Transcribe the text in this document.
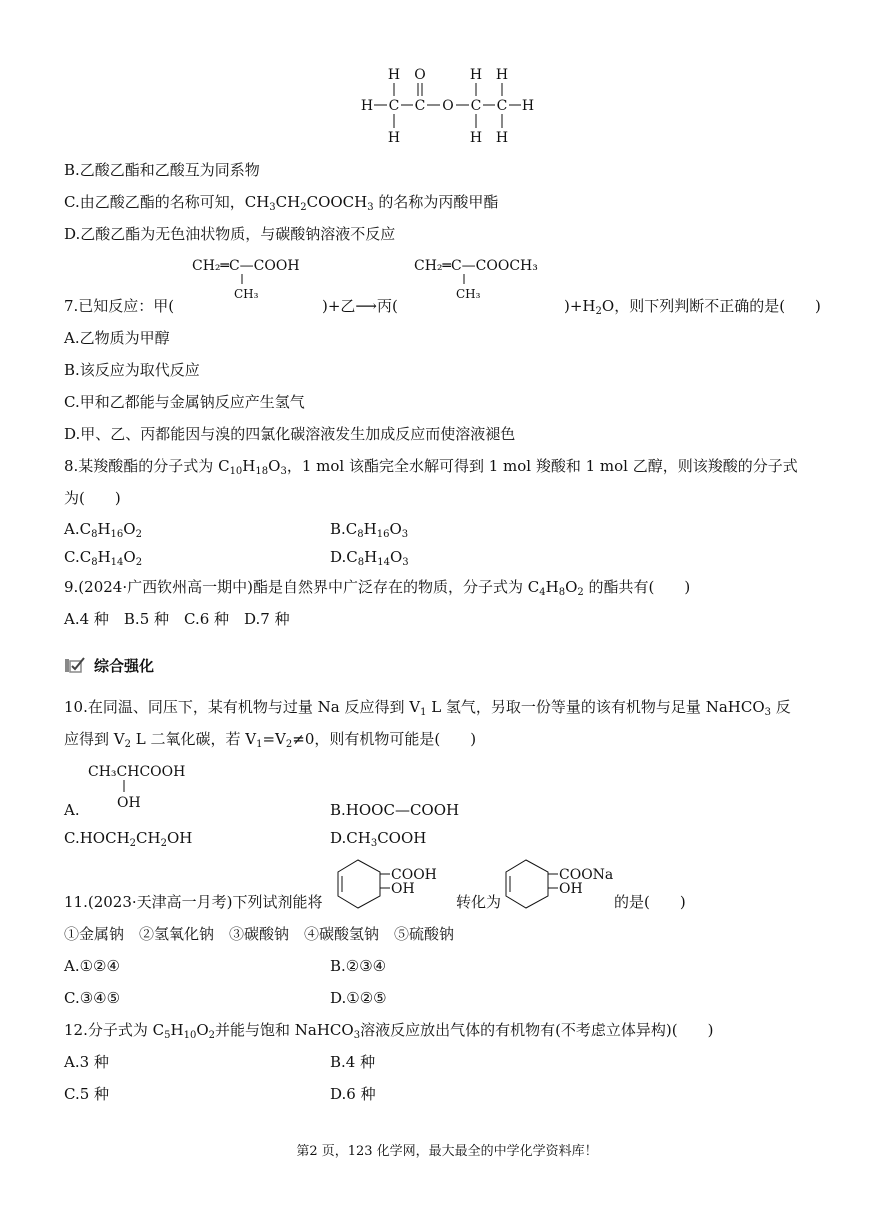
H O	H H
H C C O C C H
H	H H
B.乙酸乙酯和乙酸互为同系物
C.由乙酸乙酯的名称可知，$CH_3CH_2COOCH_3$ 的名称为丙酸甲酯
D.乙酸乙酯为无色油状物质，与碳酸钠溶液不反应
CH₂═C—COOH
CH₃
CH₂═C—COOCH₃
CH₃
7.已知反应：甲(	)+乙⟶丙(	)$+H_2O$，则下列判断不正确的是(　　)
A.乙物质为甲醇
B.该反应为取代反应
C.甲和乙都能与金属钠反应产生氢气
D.甲、乙、丙都能因与溴的四氯化碳溶液发生加成反应而使溶液褪色
8.某羧酸酯的分子式为 $C_{10}H_{18}O_3$，1 mol 该酯完全水解可得到 1 mol 羧酸和 1 mol 乙醇，则该羧酸的分子式
为(　　)
$A.C_8H_{16}O_2$	$B.C_8H_{16}O_3$
$C.C_8H_{14}O_2$	$D.C_8H_{14}O_3$
9.(2024·广西钦州高一期中)酯是自然界中广泛存在的物质，分子式为 $C_4H_8O_2$ 的酯共有(　　)
A.4 种　B.5 种　C.6 种　D.7 种
综合强化
10.在同温、同压下，某有机物与过量 Na 反应得到 $V_1$ L 氢气，另取一份等量的该有机物与足量 NaHCO$_3$ 反
应得到 $V_2$ L 二氧化碳，若 $V_1=V_2\ne 0$，则有机物可能是(　　)
CH₃CHCOOH
OH
A.	B.HOOC—COOH
$C.HOCH_2CH_2OH$	$D.CH_3COOH$
COOH
OH
COONa
OH
11.(2023·天津高一月考)下列试剂能将	转化为	的是(　　)
①金属钠　②氢氧化钠　③碳酸钠　④碳酸氢钠　⑤硫酸钠
A.①②④	B.②③④
C.③④⑤	D.①②⑤
12.分子式为 $C_5H_{10}O_2$并能与饱和 NaHCO$_3$溶液反应放出气体的有机物有(不考虑立体异构)(　　)
A.3 种	B.4 种
C.5 种	D.6 种
第2 页，123 化学网，最大最全的中学化学资料库！
